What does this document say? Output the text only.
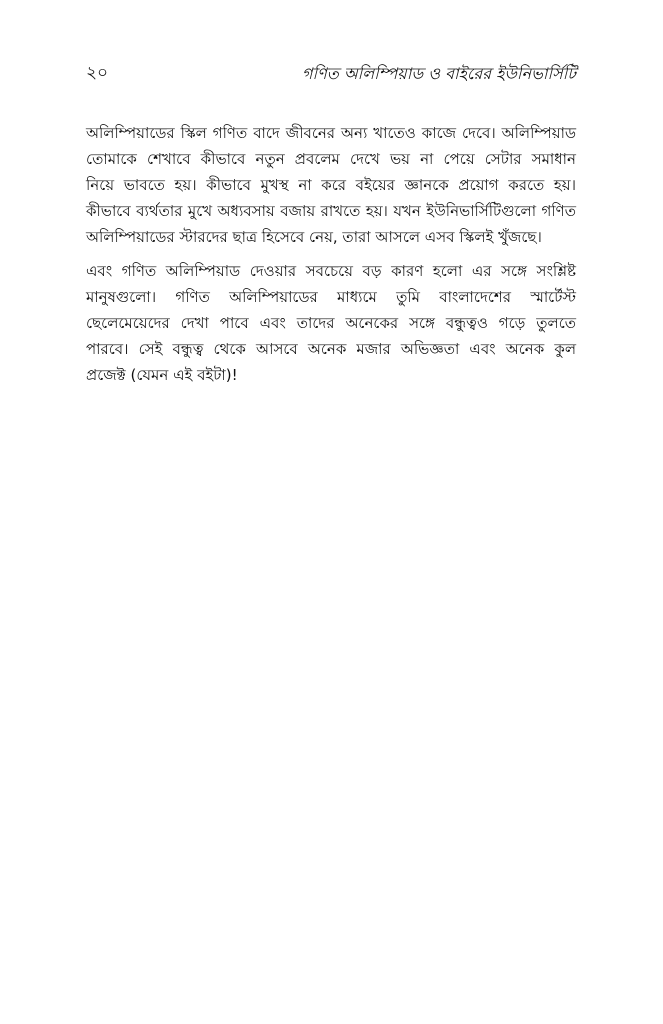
২০	গণিত অলিম্পিয়াড ও বাইরের ইউনিভার্সিটি

অলিম্পিয়াডের স্কিল গণিত বাদে জীবনের অন্য খাতেও কাজে দেবে। অলিম্পিয়াড
তোমাকে শেখাবে কীভাবে নতুন প্রবলেম দেখে ভয় না পেয়ে সেটার সমাধান
নিয়ে ভাবতে হয়। কীভাবে মুখস্থ না করে বইয়ের জ্ঞানকে প্রয়োগ করতে হয়।
কীভাবে ব্যর্থতার মুখে অধ্যবসায় বজায় রাখতে হয়। যখন ইউনিভার্সিটিগুলো গণিত
অলিম্পিয়াডের স্টারদের ছাত্র হিসেবে নেয়, তারা আসলে এসব স্কিলই খুঁজছে।

এবং গণিত অলিম্পিয়াড দেওয়ার সবচেয়ে বড় কারণ হলো এর সঙ্গে সংশ্লিষ্ট
মানুষগুলো। গণিত অলিম্পিয়াডের মাধ্যমে তুমি বাংলাদেশের স্মার্টেস্ট
ছেলেমেয়েদের দেখা পাবে এবং তাদের অনেকের সঙ্গে বন্ধুত্বও গড়ে তুলতে
পারবে। সেই বন্ধুত্ব থেকে আসবে অনেক মজার অভিজ্ঞতা এবং অনেক কুল
প্রজেক্ট (যেমন এই বইটা)!
